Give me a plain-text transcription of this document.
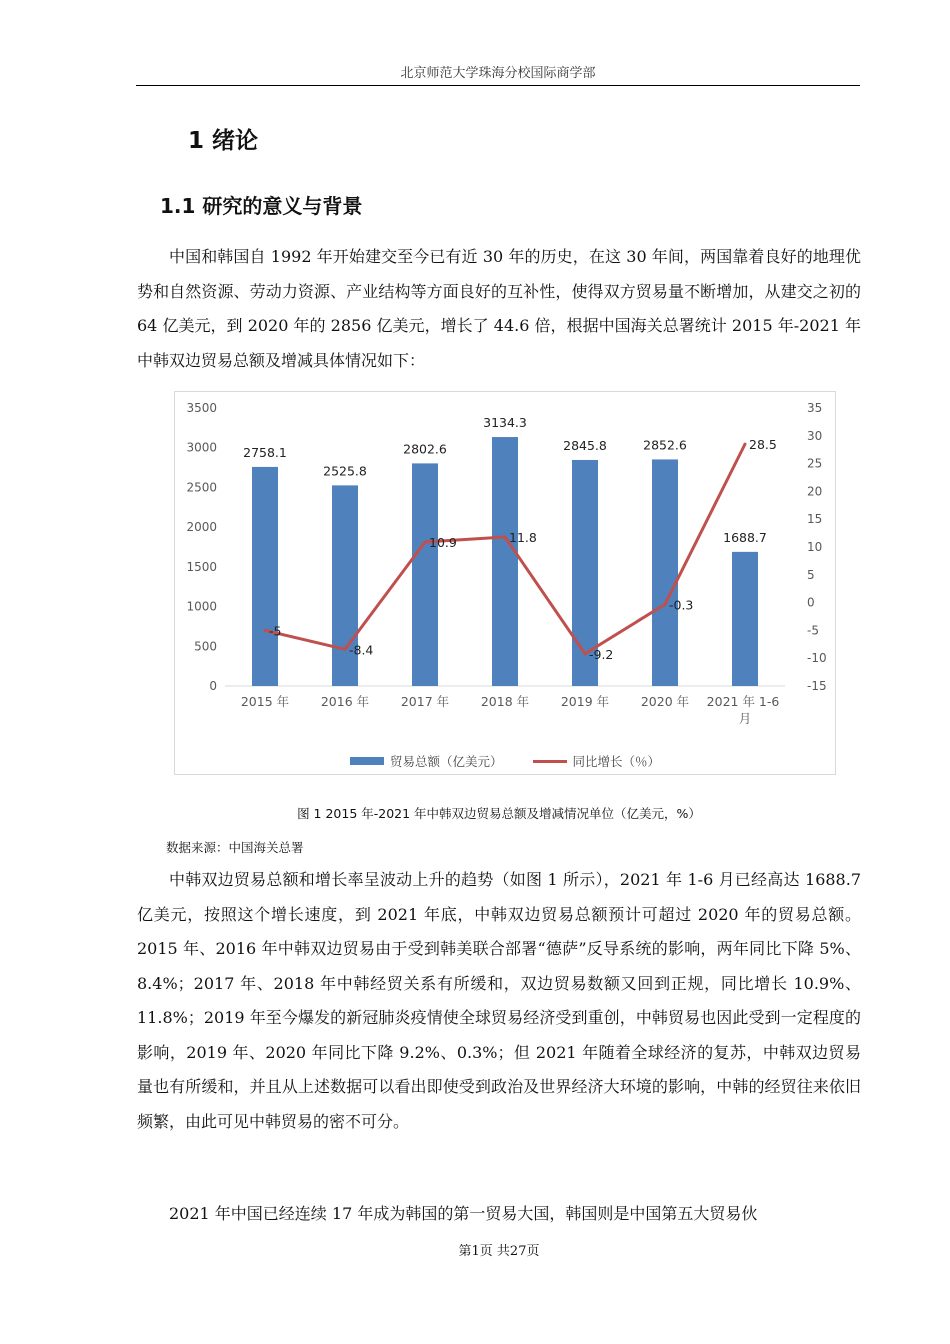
北京师范大学珠海分校国际商学部
1 绪论
1.1 研究的意义与背景

中国和韩国自 1992 年开始建交至今已有近 30 年的历史，在这 30 年间，两国靠着良好的地理优势和自然资源、劳动力资源、产业结构等方面良好的互补性，使得双方贸易量不断增加，从建交之初的 64 亿美元，到 2020 年的 2856 亿美元，增长了 44.6 倍，根据中国海关总署统计 2015 年-2021 年中韩双边贸易总额及增减具体情况如下：

0
500
1000
1500
2000
2500
3000
3500
-15
-10
-5
0
5
10
15
20
25
30
35
2758.1
2525.8
2802.6
3134.3
2845.8	2852.6
1688.7
-5
-8.4
10.9	11.8
-9.2
-0.3
28.5
2015 年	2016 年	2017 年	2018 年	2019 年	2020 年 2021 年 1-6 月
贸易总额（亿美元）	同比增长（％）
图 1 2015 年-2021 年中韩双边贸易总额及增减情况单位（亿美元，%）
数据来源：中国海关总署

中韩双边贸易总额和增长率呈波动上升的趋势（如图 1 所示），2021 年 1-6 月已经高达 1688.7 亿美元，按照这个增长速度，到 2021 年底，中韩双边贸易总额预计可超过 2020 年的贸易总额。2015 年、2016 年中韩双边贸易由于受到韩美联合部署“德萨”反导系统的影响，两年同比下降 5%、8.4%；2017 年、2018 年中韩经贸关系有所缓和，双边贸易数额又回到正规，同比增长 10.9%、11.8%；2019 年至今爆发的新冠肺炎疫情使全球贸易经济受到重创，中韩贸易也因此受到一定程度的影响，2019 年、2020 年同比下降 9.2%、0.3%；但 2021 年随着全球经济的复苏，中韩双边贸易量也有所缓和，并且从上述数据可以看出即使受到政治及世界经济大环境的影响，中韩的经贸往来依旧频繁，由此可见中韩贸易的密不可分。

2021 年中国已经连续 17 年成为韩国的第一贸易大国，韩国则是中国第五大贸易伙

第1页 共27页
